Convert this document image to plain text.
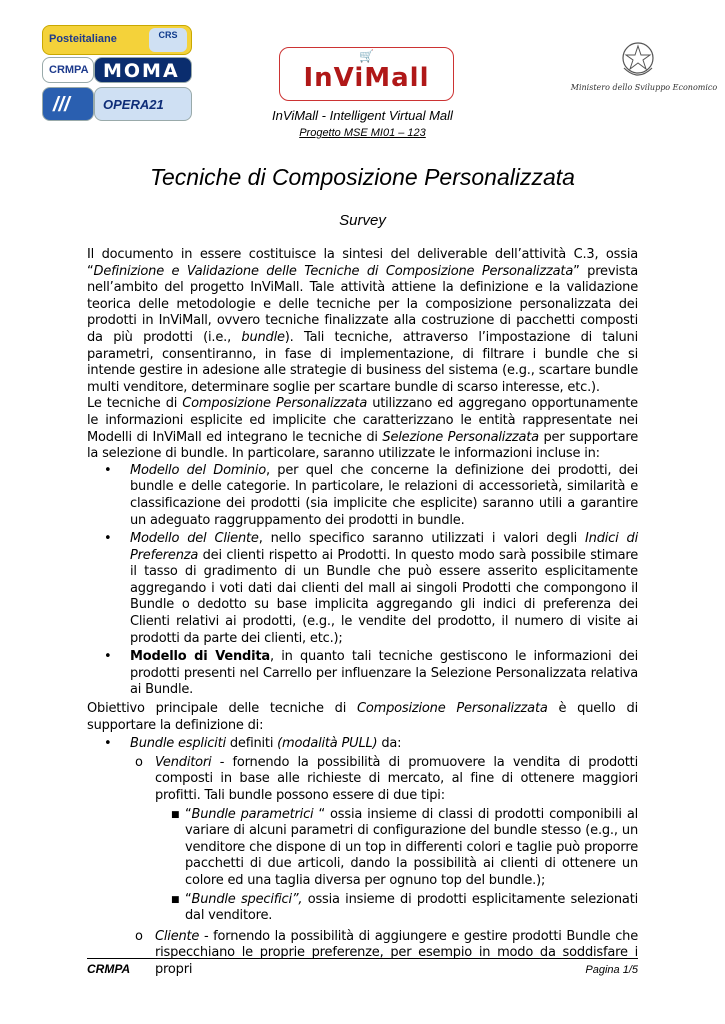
Posteitaliane	CRS
CRMPA MOMA
///	OPERA21
🛒
InViMall	Ministero dello Sviluppo Economico
InViMall - Intelligent Virtual Mall
Progetto MSE MI01 – 123
Tecniche di Composizione Personalizzata
Survey

Il documento in essere costituisce la sintesi del deliverable dell’attività C.3, ossia “Definizione e Validazione delle Tecniche di Composizione Personalizzata” prevista nell’ambito del progetto InViMall. Tale attività attiene la definizione e la validazione teorica delle metodologie e delle tecniche per la composizione personalizzata dei prodotti in InViMall, ovvero tecniche finalizzate alla costruzione di pacchetti composti da più prodotti (i.e., bundle). Tali tecniche, attraverso l’impostazione di taluni parametri, consentiranno, in fase di implementazione, di filtrare i bundle che si intende gestire in adesione alle strategie di business del sistema (e.g., scartare bundle multi venditore, determinare soglie per scartare bundle di scarso interesse, etc.).

Le tecniche di Composizione Personalizzata utilizzano ed aggregano opportunamente le informazioni esplicite ed implicite che caratterizzano le entità rappresentate nei Modelli di InViMall ed integrano le tecniche di Selezione Personalizzata per supportare la selezione di bundle. In particolare, saranno utilizzate le informazioni incluse in:

• Modello del Dominio, per quel che concerne la definizione dei prodotti, dei bundle e delle categorie. In particolare, le relazioni di accessorietà, similarità e classificazione dei prodotti (sia implicite che esplicite) saranno utili a garantire un adeguato raggruppamento dei prodotti in bundle.
• Modello del Cliente, nello specifico saranno utilizzati i valori degli Indici di Preferenza dei clienti rispetto ai Prodotti. In questo modo sarà possibile stimare il tasso di gradimento di un Bundle che può essere asserito esplicitamente aggregando i voti dati dai clienti del mall ai singoli Prodotti che compongono il Bundle o dedotto su base implicita aggregando gli indici di preferenza dei Clienti relativi ai prodotti, (e.g., le vendite del prodotto, il numero di visite ai prodotti da parte dei clienti, etc.);
• Modello di Vendita, in quanto tali tecniche gestiscono le informazioni dei prodotti presenti nel Carrello per influenzare la Selezione Personalizzata relativa ai Bundle.

Obiettivo principale delle tecniche di Composizione Personalizzata è quello di supportare la definizione di:

• Bundle espliciti definiti (modalità PULL) da:
o Venditori - fornendo la possibilità di promuovere la vendita di prodotti composti in base alle richieste di mercato, al fine di ottenere maggiori profitti. Tali bundle possono essere di due tipi:
■ “Bundle parametrici “ ossia insieme di classi di prodotti componibili al variare di alcuni parametri di configurazione del bundle stesso (e.g., un venditore che dispone di un top in differenti colori e taglie può proporre pacchetti di due articoli, dando la possibilità ai clienti di ottenere un colore ed una taglia diversa per ognuno top del bundle.);
■ “Bundle specifici”, ossia insieme di prodotti esplicitamente selezionati dal venditore.
o Cliente - fornendo la possibilità di aggiungere e gestire prodotti Bundle che rispecchiano le proprie preferenze, per esempio in modo da soddisfare i propri
CRMPA	Pagina 1/5
